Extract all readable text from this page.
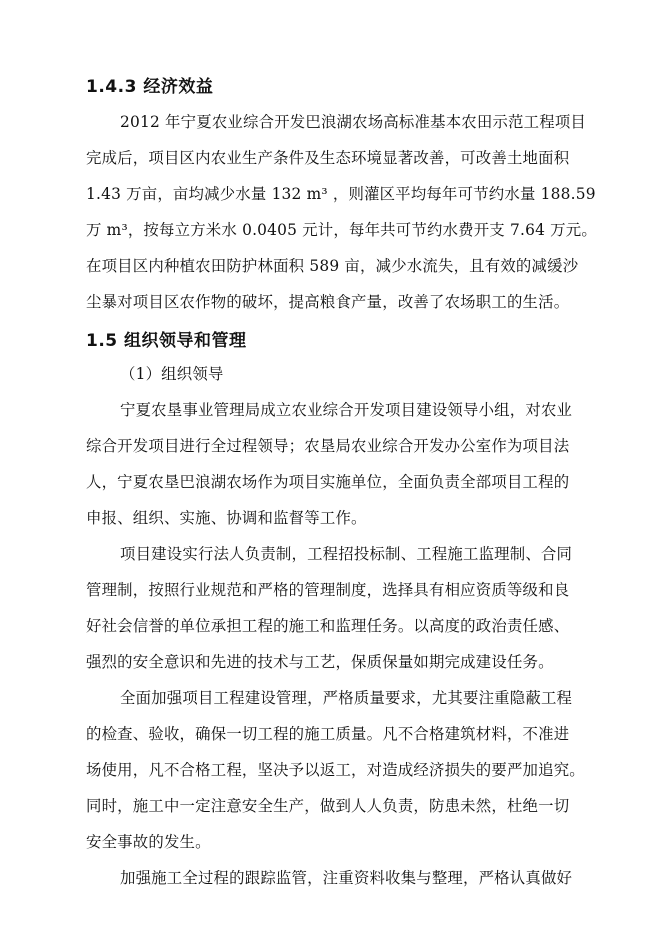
1.4.3 经济效益
2012 年宁夏农业综合开发巴浪湖农场高标准基本农田示范工程项目
完成后，项目区内农业生产条件及生态环境显著改善，可改善土地面积
1.43 万亩，亩均减少水量 132 m³ ，则灌区平均每年可节约水量 188.59
万 m³，按每立方米水 0.0405 元计，每年共可节约水费开支 7.64 万元。
在项目区内种植农田防护林面积 589 亩，减少水流失，且有效的减缓沙
尘暴对项目区农作物的破坏，提高粮食产量，改善了农场职工的生活。
1.5 组织领导和管理
（1）组织领导
宁夏农垦事业管理局成立农业综合开发项目建设领导小组，对农业
综合开发项目进行全过程领导；农垦局农业综合开发办公室作为项目法
人，宁夏农垦巴浪湖农场作为项目实施单位，全面负责全部项目工程的
申报、组织、实施、协调和监督等工作。
项目建设实行法人负责制，工程招投标制、工程施工监理制、合同
管理制，按照行业规范和严格的管理制度，选择具有相应资质等级和良
好社会信誉的单位承担工程的施工和监理任务。以高度的政治责任感、
强烈的安全意识和先进的技术与工艺，保质保量如期完成建设任务。
全面加强项目工程建设管理，严格质量要求，尤其要注重隐蔽工程
的检查、验收，确保一切工程的施工质量。凡不合格建筑材料，不准进
场使用，凡不合格工程，坚决予以返工，对造成经济损失的要严加追究。
同时，施工中一定注意安全生产，做到人人负责，防患未然，杜绝一切
安全事故的发生。
加强施工全过程的跟踪监管，注重资料收集与整理，严格认真做好
